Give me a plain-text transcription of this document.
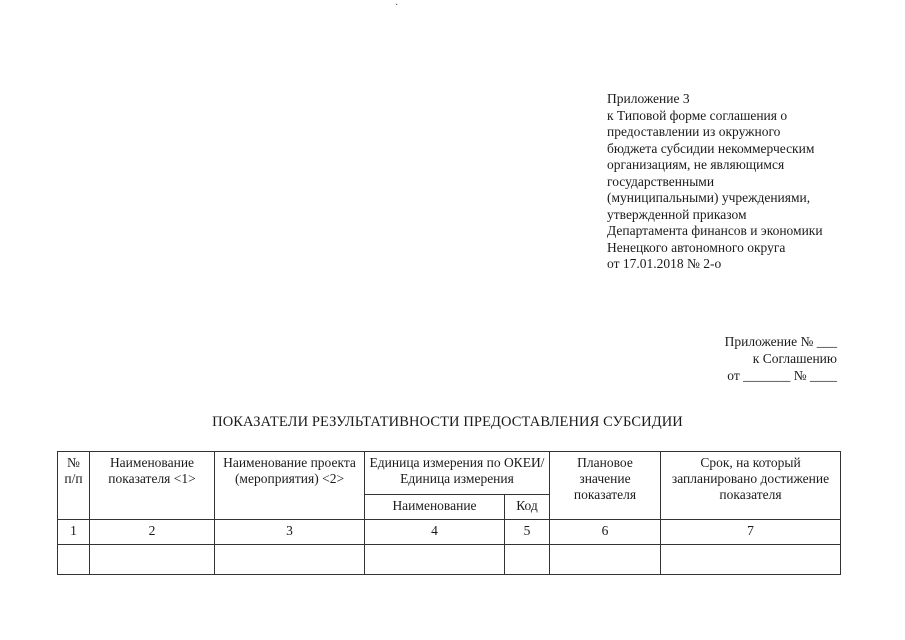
·
Приложение 3
к Типовой форме соглашения о
предоставлении из окружного
бюджета субсидии некоммерческим
организациям, не являющимся
государственными
(муниципальными) учреждениями,
утвержденной приказом
Департамента финансов и экономики
Ненецкого автономного округа
от 17.01.2018 № 2-о
Приложение № ___
к Соглашению
от _______ № ____
ПОКАЗАТЕЛИ РЕЗУЛЬТАТИВНОСТИ ПРЕДОСТАВЛЕНИЯ СУБСИДИИ
№ п/п	Наименование показателя <1>	Наименование проекта (мероприятия) <2>	Единица измерения по ОКЕИ/Единица измерения		Плановое значение показателя	Срок, на который запланировано достижение показателя
			Наименование	Код		
1	2	3	4	5	6	7
